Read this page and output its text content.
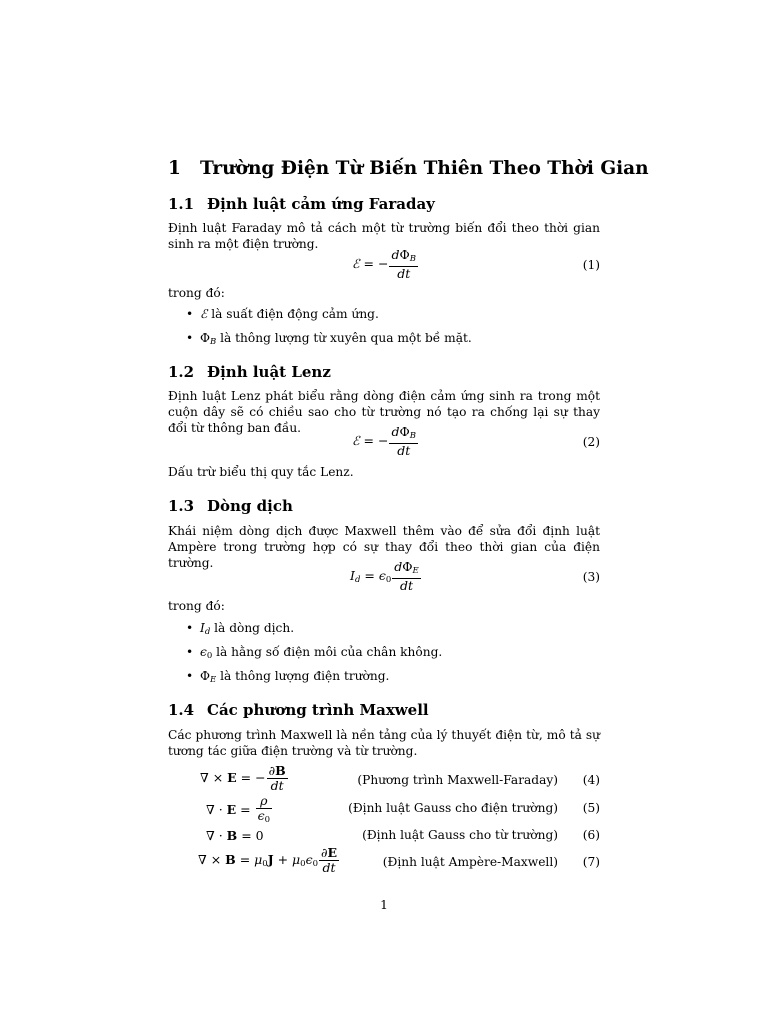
1 Trường Điện Từ Biến Thiên Theo Thời Gian
1.1 Định luật cảm ứng Faraday
Định luật Faraday mô tả cách một từ trường biến đổi theo thời gian sinh ra một điện trường.
ℰ = − $\frac{d\Phi_B}{dt}$	(1)
trong đó:
• ℰ là suất điện động cảm ứng.
• $\Phi_B$ là thông lượng từ xuyên qua một bề mặt.
1.2 Định luật Lenz
Định luật Lenz phát biểu rằng dòng điện cảm ứng sinh ra trong một cuộn dây sẽ có chiều sao cho từ trường nó tạo ra chống lại sự thay đổi từ thông ban đầu.
ℰ = − $\frac{d\Phi_B}{dt}$	(2)
Dấu trừ biểu thị quy tắc Lenz.
1.3 Dòng dịch
Khái niệm dòng dịch được Maxwell thêm vào để sửa đổi định luật Ampère trong trường hợp có sự thay đổi theo thời gian của điện trường.
$I_d = \epsilon_0 \frac{d\Phi_E}{dt}$	(3)
trong đó:
• $I_d$ là dòng dịch.
• $\epsilon_0$ là hằng số điện môi của chân không.
• $\Phi_E$ là thông lượng điện trường.
1.4 Các phương trình Maxwell
Các phương trình Maxwell là nền tảng của lý thuyết điện từ, mô tả sự tương tác giữa điện trường và từ trường.
∇ × E = − $\frac{\partial B}{dt}$	(Phương trình Maxwell-Faraday) (4)
∇ · $E = \frac{\rho}{\epsilon_0}$	(Định luật Gauss cho điện trường) (5)
∇ · B = 0	(Định luật Gauss cho từ trường) (6)
∇ × $B = \mu_0J + \mu_0\epsilon_0 \frac{\partial E}{dt}$	(Định luật Ampère-Maxwell) (7)
1
